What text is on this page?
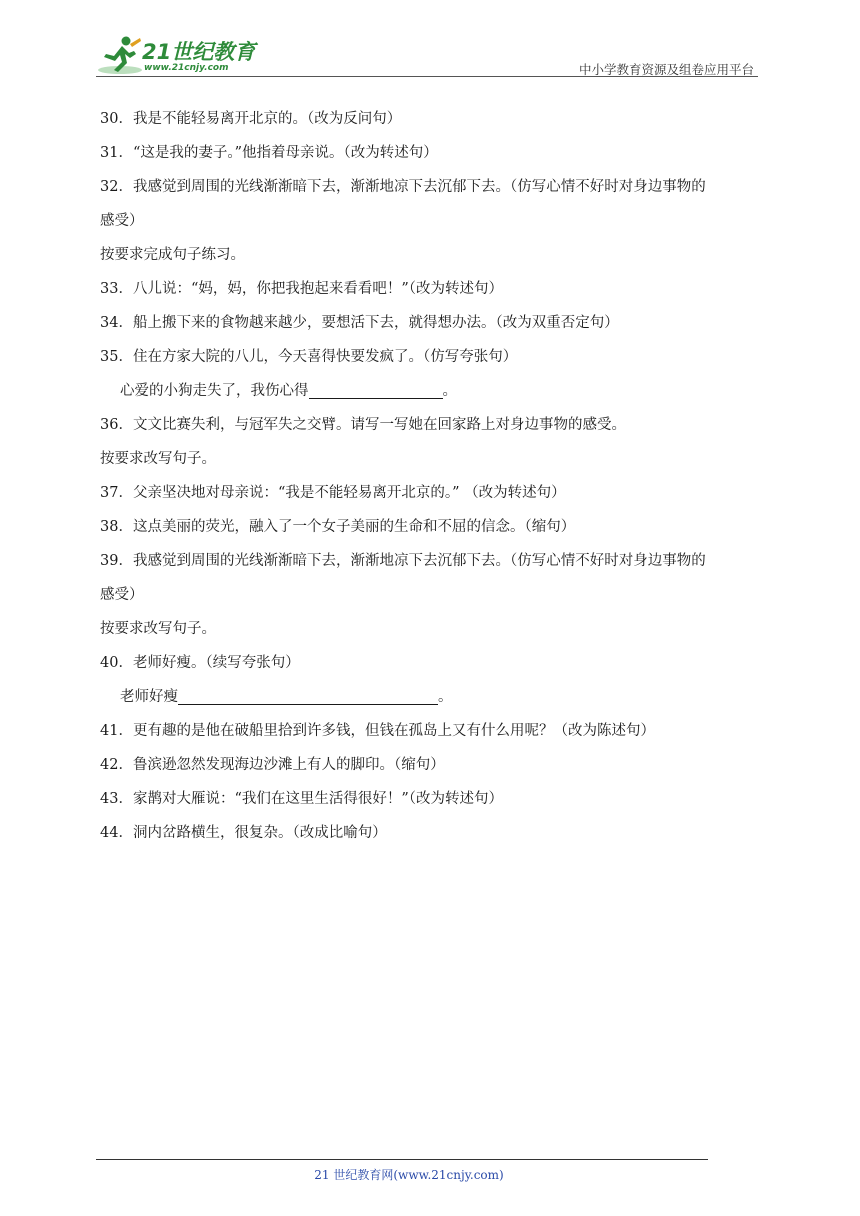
21世纪教育
www.21cnjy.com	中小学教育资源及组卷应用平台
30．我是不能轻易离开北京的。（改为反问句）
31．“这是我的妻子。”他指着母亲说。（改为转述句）
32．我感觉到周围的光线渐渐暗下去，渐渐地凉下去沉郁下去。（仿写心情不好时对身边事物的
感受）
按要求完成句子练习。
33．八儿说：“妈，妈，你把我抱起来看看吧！”（改为转述句）
34．船上搬下来的食物越来越少，要想活下去，就得想办法。（改为双重否定句）
35．住在方家大院的八儿，今天喜得快要发疯了。（仿写夸张句）
心爱的小狗走失了，我伤心得	。
36．文文比赛失利，与冠军失之交臂。请写一写她在回家路上对身边事物的感受。
按要求改写句子。
37．父亲坚决地对母亲说：“我是不能轻易离开北京的。” （改为转述句）
38．这点美丽的荧光，融入了一个女子美丽的生命和不屈的信念。（缩句）
39．我感觉到周围的光线渐渐暗下去，渐渐地凉下去沉郁下去。（仿写心情不好时对身边事物的
感受）
按要求改写句子。
40．老师好瘦。（续写夸张句）
老师好瘦	。
41．更有趣的是他在破船里拾到许多钱，但钱在孤岛上又有什么用呢？（改为陈述句）
42．鲁滨逊忽然发现海边沙滩上有人的脚印。（缩句）
43．家鹊对大雁说：“我们在这里生活得很好！”（改为转述句）
44．洞内岔路横生，很复杂。（改成比喻句）
21 世纪教育网(www.21cnjy.com)
